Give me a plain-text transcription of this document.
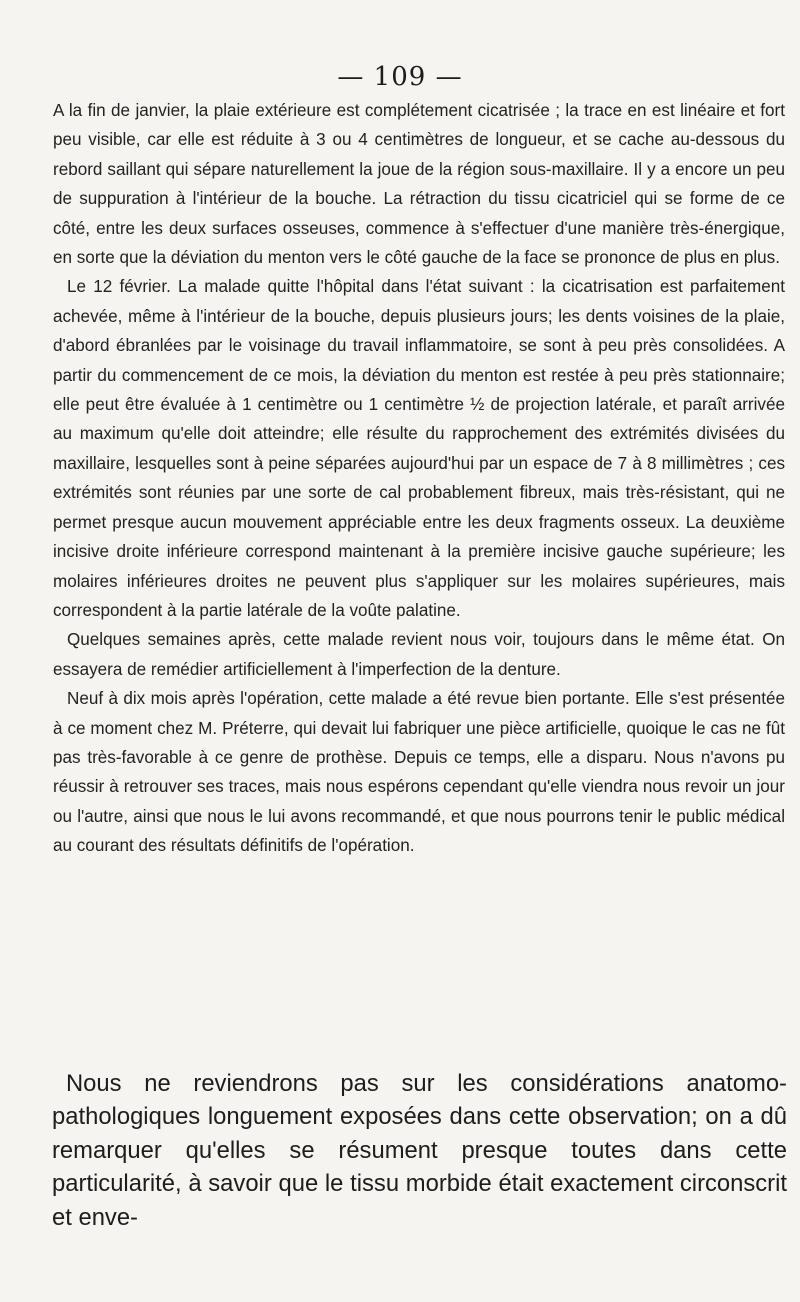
— 109 —

A la fin de janvier, la plaie extérieure est complétement cicatrisée ; la trace en est linéaire et fort peu visible, car elle est réduite à 3 ou 4 centimètres de longueur, et se cache au-dessous du rebord saillant qui sépare naturellement la joue de la région sous-maxillaire. Il y a encore un peu de suppuration à l'intérieur de la bouche. La rétraction du tissu cicatriciel qui se forme de ce côté, entre les deux surfaces osseuses, commence à s'effectuer d'une manière très-énergique, en sorte que la déviation du menton vers le côté gauche de la face se prononce de plus en plus.

Le 12 février. La malade quitte l'hôpital dans l'état suivant : la cicatrisation est parfaitement achevée, même à l'intérieur de la bouche, depuis plusieurs jours; les dents voisines de la plaie, d'abord ébranlées par le voisinage du travail inflammatoire, se sont à peu près consolidées. A partir du commencement de ce mois, la déviation du menton est restée à peu près stationnaire; elle peut être évaluée à 1 centimètre ou 1 centimètre ½ de projection latérale, et paraît arrivée au maximum qu'elle doit atteindre; elle résulte du rapprochement des extrémités divisées du maxillaire, lesquelles sont à peine séparées aujourd'hui par un espace de 7 à 8 millimètres ; ces extrémités sont réunies par une sorte de cal probablement fibreux, mais très-résistant, qui ne permet presque aucun mouvement appréciable entre les deux fragments osseux. La deuxième incisive droite inférieure correspond maintenant à la première incisive gauche supérieure; les molaires inférieures droites ne peuvent plus s'appliquer sur les molaires supérieures, mais correspondent à la partie latérale de la voûte palatine.

Quelques semaines après, cette malade revient nous voir, toujours dans le même état. On essayera de remédier artificiellement à l'imperfection de la denture.

Neuf à dix mois après l'opération, cette malade a été revue bien portante. Elle s'est présentée à ce moment chez M. Préterre, qui devait lui fabriquer une pièce artificielle, quoique le cas ne fût pas très-favorable à ce genre de prothèse. Depuis ce temps, elle a disparu. Nous n'avons pu réussir à retrouver ses traces, mais nous espérons cependant qu'elle viendra nous revoir un jour ou l'autre, ainsi que nous le lui avons recommandé, et que nous pourrons tenir le public médical au courant des résultats définitifs de l'opération.

Nous ne reviendrons pas sur les considérations anatomo-pathologiques longuement exposées dans cette observation; on a dû remarquer qu'elles se résument presque toutes dans cette particularité, à savoir que le tissu morbide était exactement circonscrit et enve-
